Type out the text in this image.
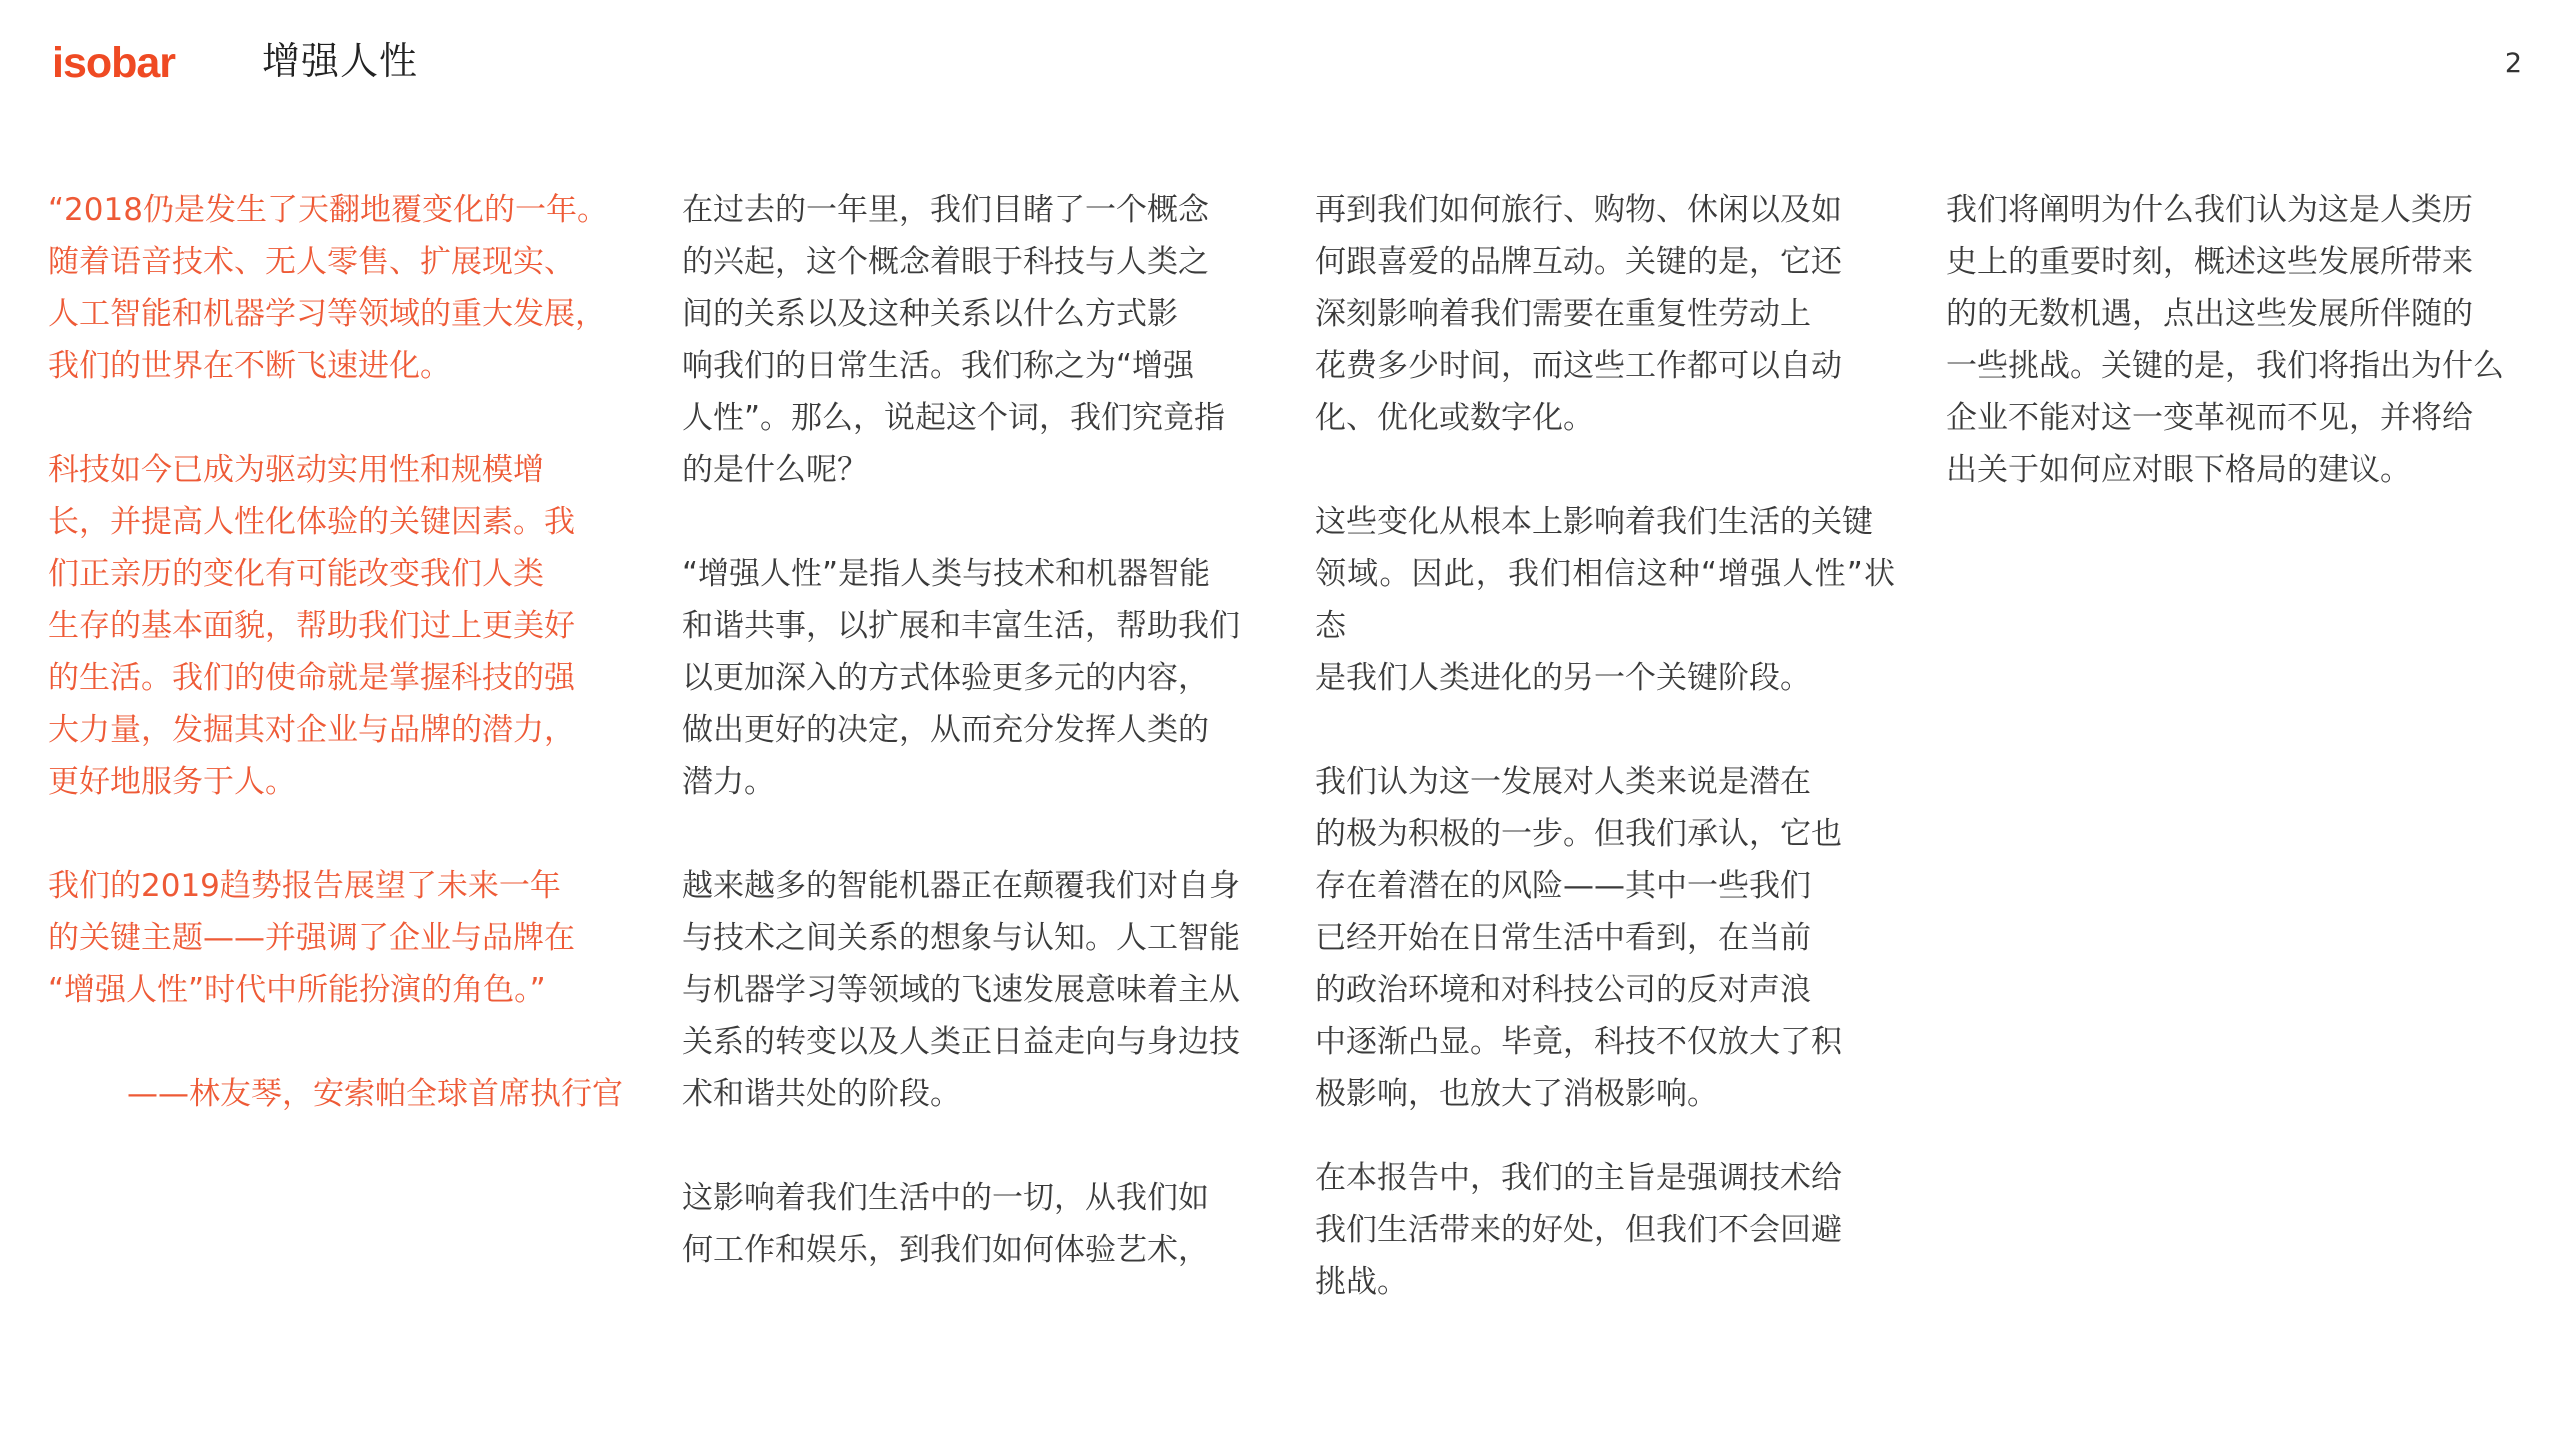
isobar 增强人性	2

“2018仍是发生了天翻地覆变化的一年。
随着语音技术、无人零售、扩展现实、
人工智能和机器学习等领域的重大发展，
我们的世界在不断飞速进化。

科技如今已成为驱动实用性和规模增
长，并提高人性化体验的关键因素。我
们正亲历的变化有可能改变我们人类
生存的基本面貌，帮助我们过上更美好
的生活。我们的使命就是掌握科技的强
大力量，发掘其对企业与品牌的潜力，
更好地服务于人。

我们的2019趋势报告展望了未来一年
的关键主题——并强调了企业与品牌在
“增强人性”时代中所能扮演的角色。”

——林友琴，安索帕全球首席执行官

在过去的一年里，我们目睹了一个概念
的兴起，这个概念着眼于科技与人类之
间的关系以及这种关系以什么方式影
响我们的日常生活。我们称之为“增强
人性”。那么，说起这个词，我们究竟指
的是什么呢？

“增强人性”是指人类与技术和机器智能
和谐共事，以扩展和丰富生活，帮助我们
以更加深入的方式体验更多元的内容，
做出更好的决定，从而充分发挥人类的
潜力。

越来越多的智能机器正在颠覆我们对自身
与技术之间关系的想象与认知。人工智能
与机器学习等领域的飞速发展意味着主从
关系的转变以及人类正日益走向与身边技
术和谐共处的阶段。

这影响着我们生活中的一切，从我们如
何工作和娱乐，到我们如何体验艺术，

再到我们如何旅行、购物、休闲以及如
何跟喜爱的品牌互动。关键的是，它还
深刻影响着我们需要在重复性劳动上
花费多少时间，而这些工作都可以自动
化、优化或数字化。

这些变化从根本上影响着我们生活的关键
领域。因此，我们相信这种“增强人性”状态
是我们人类进化的另一个关键阶段。

我们认为这一发展对人类来说是潜在
的极为积极的一步。但我们承认，它也
存在着潜在的风险——其中一些我们
已经开始在日常生活中看到，在当前
的政治环境和对科技公司的反对声浪
中逐渐凸显。毕竟，科技不仅放大了积
极影响，也放大了消极影响。

在本报告中，我们的主旨是强调技术给
我们生活带来的好处，但我们不会回避
挑战。

我们将阐明为什么我们认为这是人类历
史上的重要时刻，概述这些发展所带来
的的无数机遇，点出这些发展所伴随的
一些挑战。关键的是，我们将指出为什么
企业不能对这一变革视而不见，并将给
出关于如何应对眼下格局的建议。
